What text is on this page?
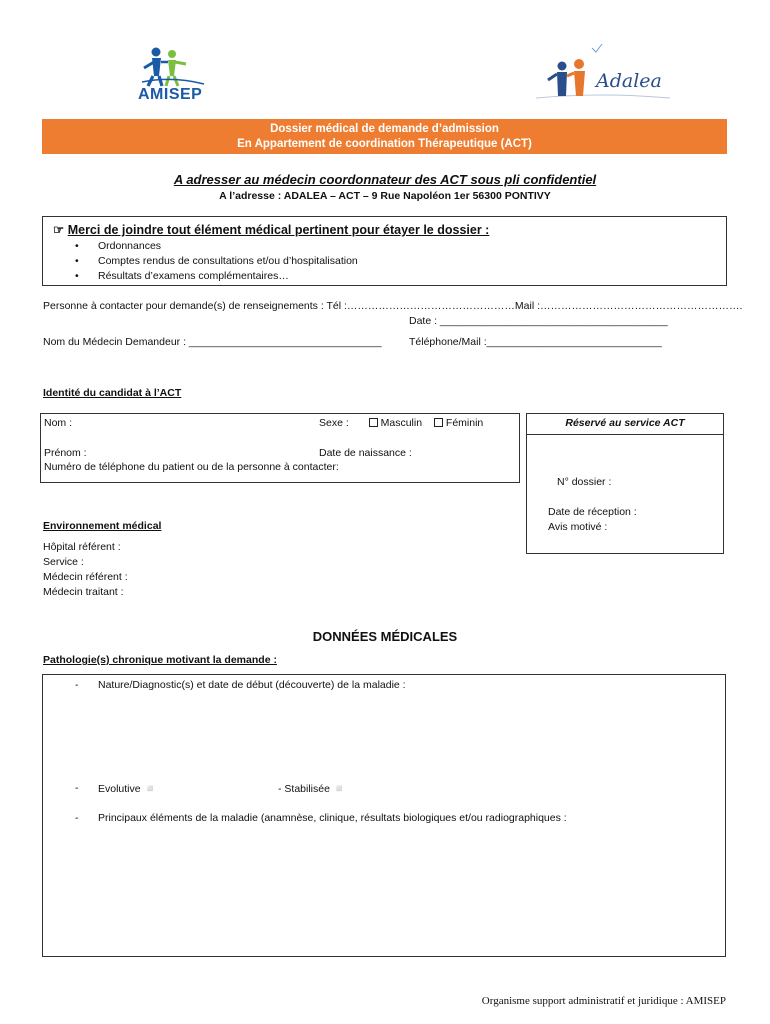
AMISEP
Adalea
Dossier médical de demande d’admission
En Appartement de coordination Thérapeutique (ACT)
A adresser au médecin coordonnateur des ACT sous pli confidentiel
A l’adresse : ADALEA – ACT – 9 Rue Napoléon 1er 56300 PONTIVY
☞ Merci de joindre tout élément médical pertinent pour étayer le dossier :
• Ordonnances
• Comptes rendus de consultations et/ou d’hospitalisation
• Résultats d’examens complémentaires…
Personne à contacter pour demande(s) de renseignements : Tél :…………………………………………Mail :………………………………………………….
Date : _______________________________________
Nom du Médecin Demandeur : _________________________________	Téléphone/Mail :______________________________
Identité du candidat à l’ACT
Nom :	Sexe :	Masculin Féminin
Prénom :	Date de naissance :
Numéro de téléphone du patient ou de la personne à contacter:
Réservé au service ACT
N° dossier :
Date de réception :
Avis motivé :
Environnement médical
Hôpital référent :
Service :
Médecin référent :
Médecin traitant :
DONNÉES MÉDICALES
Pathologie(s) chronique motivant la demande :
- Nature/Diagnostic(s) et date de début (découverte) de la maladie :
- Evolutive ◽	- Stabilisée ◽
- Principaux éléments de la maladie (anamnèse, clinique, résultats biologiques et/ou radiographiques :
Organisme support administratif et juridique : AMISEP
